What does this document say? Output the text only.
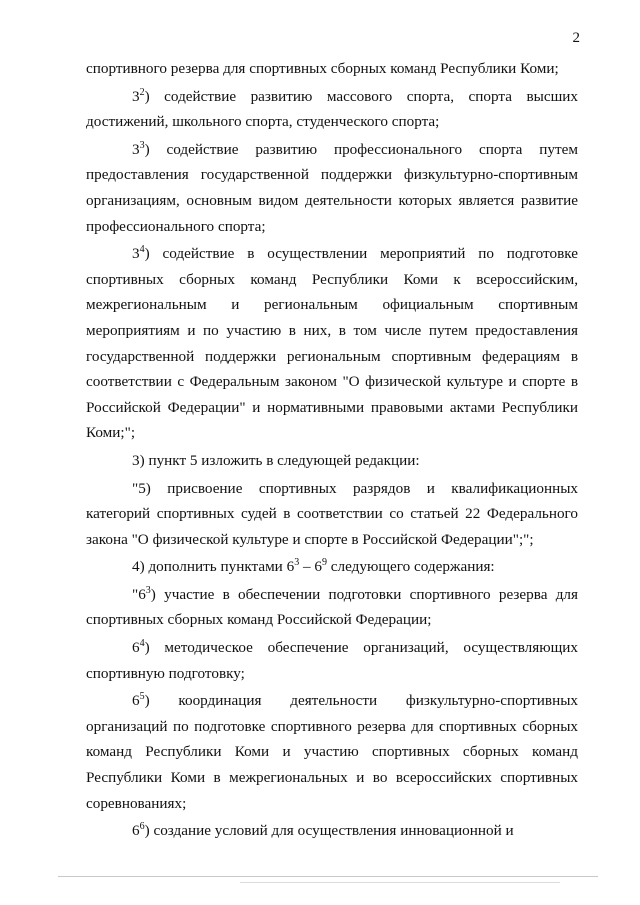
2

спортивного резерва для спортивных сборных команд Республики Коми;

$3^2$) содействие развитию массового спорта, спорта высших достижений, школьного спорта, студенческого спорта;

$3^3$) содействие развитию профессионального спорта путем предоставления государственной поддержки физкультурно-спортивным организациям, основным видом деятельности которых является развитие профессионального спорта;

$3^4$) содействие в осуществлении мероприятий по подготовке спортивных сборных команд Республики Коми к всероссийским, межрегиональным и региональным официальным спортивным мероприятиям и по участию в них, в том числе путем предоставления государственной поддержки региональным спортивным федерациям в соответствии с Федеральным законом "О физической культуре и спорте в Российской Федерации" и нормативными правовыми актами Республики Коми;";

3) пункт 5 изложить в следующей редакции:

"5) присвоение спортивных разрядов и квалификационных категорий спортивных судей в соответствии со статьей 22 Федерального закона "О физической культуре и спорте в Российской Федерации";";

4) дополнить пунктами $6^3 - 6^9$ следующего содержания:

"$6^3$) участие в обеспечении подготовки спортивного резерва для спортивных сборных команд Российской Федерации;

$6^4$) методическое обеспечение организаций, осуществляющих спортивную подготовку;

$6^5$) координация деятельности физкультурно-спортивных организаций по подготовке спортивного резерва для спортивных сборных команд Республики Коми и участию спортивных сборных команд Республики Коми в межрегиональных и во всероссийских спортивных соревнованиях;

$6^6$) создание условий для осуществления инновационной и
